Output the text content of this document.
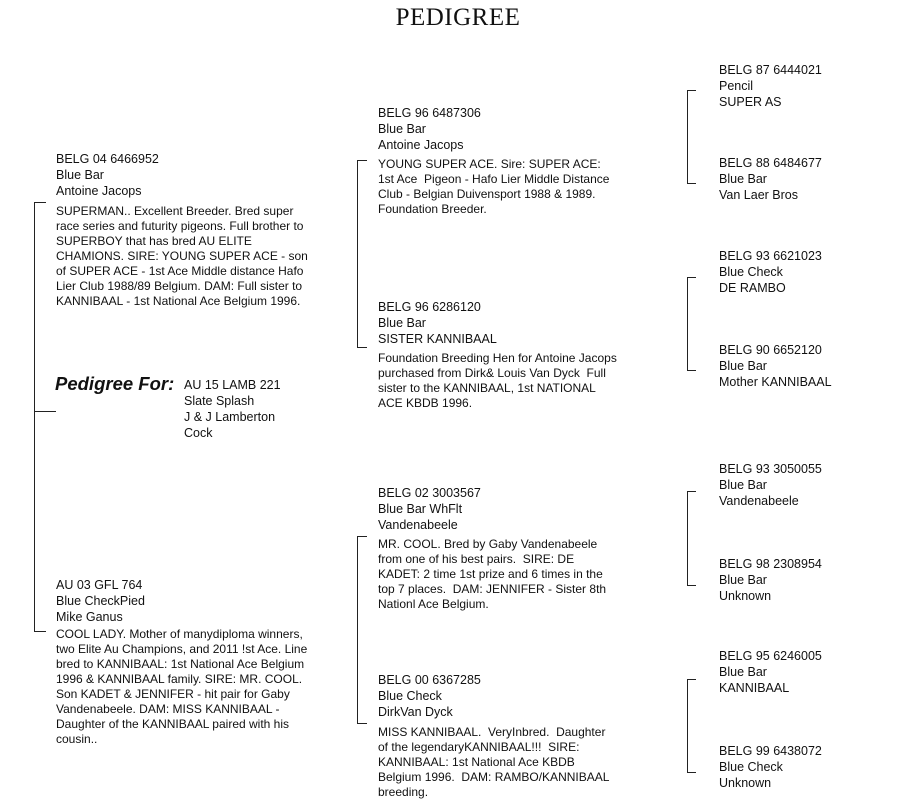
PEDIGREE
Pedigree For: AU 15 LAMB 221
Slate Splash
J & J Lamberton
Cock
BELG 04 6466952
Blue Bar
Antoine Jacops
SUPERMAN.. Excellent Breeder. Bred super
race series and futurity pigeons. Full brother to
SUPERBOY that has bred AU ELITE
CHAMIONS. SIRE: YOUNG SUPER ACE - son
of SUPER ACE - 1st Ace Middle distance Hafo
Lier Club 1988/89 Belgium. DAM: Full sister to
KANNIBAAL - 1st National Ace Belgium 1996.
AU 03 GFL 764
Blue CheckPied
Mike Ganus
COOL LADY. Mother of manydiploma winners,
two Elite Au Champions, and 2011 !st Ace. Line
bred to KANNIBAAL: 1st National Ace Belgium
1996 & KANNIBAAL family. SIRE: MR. COOL.
Son KADET & JENNIFER - hit pair for Gaby
Vandenabeele. DAM: MISS KANNIBAAL -
Daughter of the KANNIBAAL paired with his
cousin..
BELG 96 6487306
Blue Bar
Antoine Jacops
YOUNG SUPER ACE. Sire: SUPER ACE:
1st Ace  Pigeon - Hafo Lier Middle Distance
Club - Belgian Duivensport 1988 & 1989.
Foundation Breeder.
BELG 96 6286120
Blue Bar
SISTER KANNIBAAL
Foundation Breeding Hen for Antoine Jacops
purchased from Dirk& Louis Van Dyck  Full
sister to the KANNIBAAL, 1st NATIONAL
ACE KBDB 1996.
BELG 02 3003567
Blue Bar WhFlt
Vandenabeele
MR. COOL. Bred by Gaby Vandenabeele
from one of his best pairs.  SIRE: DE
KADET: 2 time 1st prize and 6 times in the
top 7 places.  DAM: JENNIFER - Sister 8th
Nationl Ace Belgium.
BELG 00 6367285
Blue Check
DirkVan Dyck
MISS KANNIBAAL.  VeryInbred.  Daughter
of the legendaryKANNIBAAL!!!  SIRE:
KANNIBAAL: 1st National Ace KBDB
Belgium 1996.  DAM: RAMBO/KANNIBAAL
breeding.
BELG 87 6444021
Pencil
SUPER AS
BELG 88 6484677
Blue Bar
Van Laer Bros
BELG 93 6621023
Blue Check
DE RAMBO
BELG 90 6652120
Blue Bar
Mother KANNIBAAL
BELG 93 3050055
Blue Bar
Vandenabeele
BELG 98 2308954
Blue Bar
Unknown
BELG 95 6246005
Blue Bar
KANNIBAAL
BELG 99 6438072
Blue Check
Unknown
